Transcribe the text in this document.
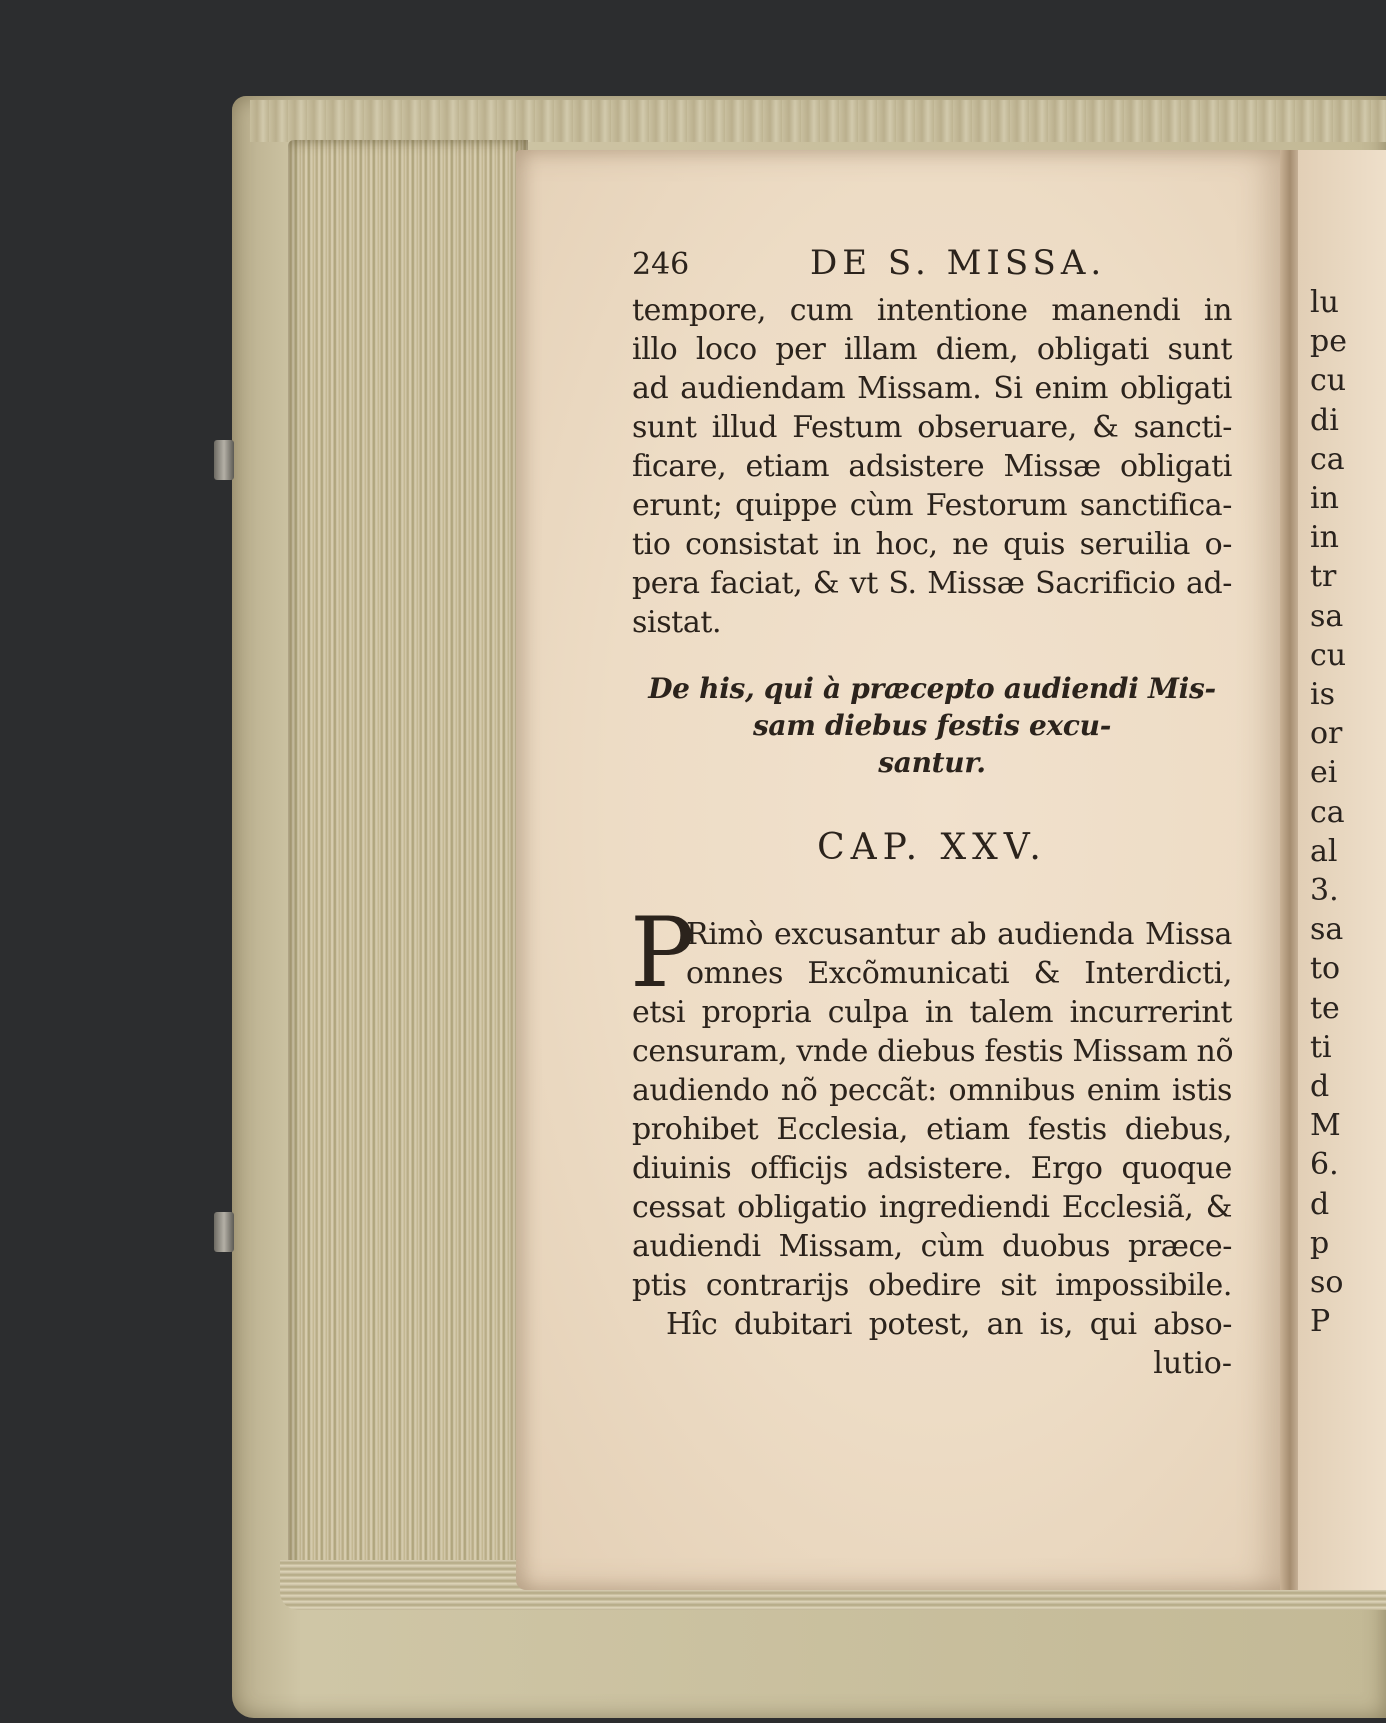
lu
pe
cu
di
ca
in
in
tr
sa
cu
is
or
ei
ca
al
3.
sa
to
te
ti
d
M
6.
d
p
so
P
246	DE S. MISSA.
tempore, cum intentione manendi in
illo loco per illam diem, obligati sunt
ad audiendam Missam. Si enim obligati
sunt illud Festum obseruare, & sancti-
ficare, etiam adsistere Missæ obligati
erunt; quippe cùm Festorum sanctifica-
tio consistat in hoc, ne quis seruilia o-
pera faciat, & vt S. Missæ Sacrificio ad-
sistat.
De his, qui à præcepto audiendi Mis-
sam diebus festis excu-
santur.
CAP. XXV.
P
Rimò excusantur ab audienda Missa
omnes Excõmunicati & Interdicti,
etsi propria culpa in talem incurrerint
censuram, vnde diebus festis Missam nõ
audiendo nõ peccãt: omnibus enim istis
prohibet Ecclesia, etiam festis diebus,
diuinis officijs adsistere. Ergo quoque
cessat obligatio ingrediendi Ecclesiã, &
audiendi Missam, cùm duobus præce-
ptis contrarijs obedire sit impossibile.
Hîc dubitari potest, an is, qui abso-
lutio-
